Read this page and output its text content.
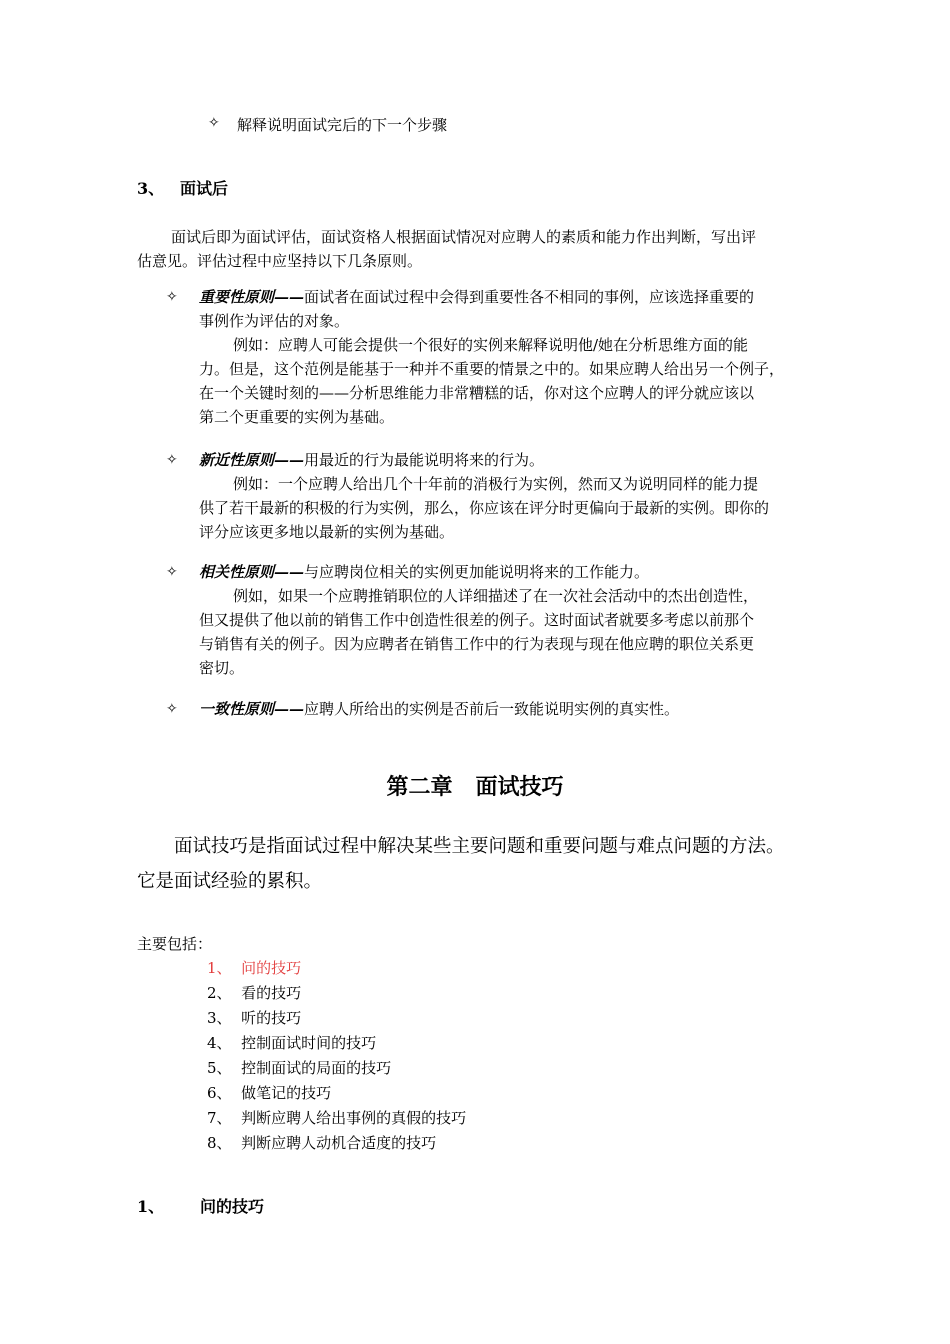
✧ 解释说明面试完后的下一个步骤
3、 面试后
面试后即为面试评估，面试资格人根据面试情况对应聘人的素质和能力作出判断，写出评
估意见。评估过程中应坚持以下几条原则。
✧ 重要性原则——面试者在面试过程中会得到重要性各不相同的事例，应该选择重要的
事例作为评估的对象。
例如：应聘人可能会提供一个很好的实例来解释说明他/她在分析思维方面的能
力。但是，这个范例是能基于一种并不重要的情景之中的。如果应聘人给出另一个例子，
在一个关键时刻的——分析思维能力非常糟糕的话，你对这个应聘人的评分就应该以
第二个更重要的实例为基础。
✧ 新近性原则——用最近的行为最能说明将来的行为。
例如：一个应聘人给出几个十年前的消极行为实例，然而又为说明同样的能力提
供了若干最新的积极的行为实例，那么，你应该在评分时更偏向于最新的实例。即你的
评分应该更多地以最新的实例为基础。
✧ 相关性原则——与应聘岗位相关的实例更加能说明将来的工作能力。
例如，如果一个应聘推销职位的人详细描述了在一次社会活动中的杰出创造性，
但又提供了他以前的销售工作中创造性很差的例子。这时面试者就要多考虑以前那个
与销售有关的例子。因为应聘者在销售工作中的行为表现与现在他应聘的职位关系更
密切。
✧ 一致性原则——应聘人所给出的实例是否前后一致能说明实例的真实性。
第二章   面试技巧
面试技巧是指面试过程中解决某些主要问题和重要问题与难点问题的方法。
它是面试经验的累积。
主要包括：
1、 问的技巧
2、 看的技巧
3、 听的技巧
4、 控制面试时间的技巧
5、 控制面试的局面的技巧
6、 做笔记的技巧
7、 判断应聘人给出事例的真假的技巧
8、 判断应聘人动机合适度的技巧
1、 问的技巧
